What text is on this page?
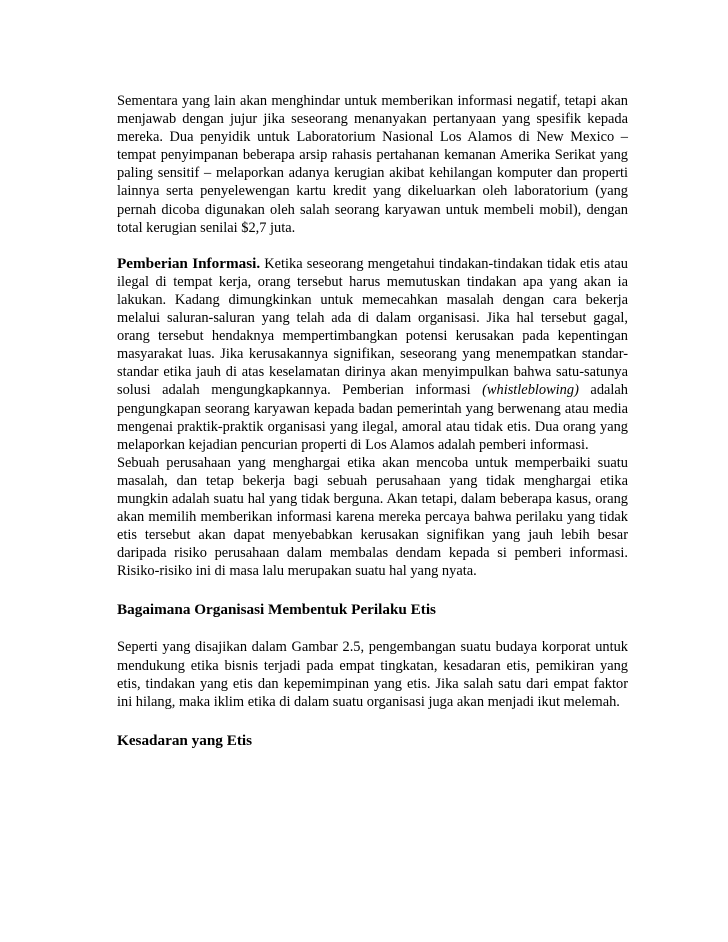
Sementara yang lain akan menghindar untuk memberikan informasi negatif, tetapi akan menjawab dengan jujur jika seseorang menanyakan pertanyaan yang spesifik kepada mereka. Dua penyidik untuk Laboratorium Nasional Los Alamos di New Mexico – tempat penyimpanan beberapa arsip rahasis pertahanan kemanan Amerika Serikat yang paling sensitif – melaporkan adanya kerugian akibat kehilangan komputer dan properti lainnya serta penyelewengan kartu kredit yang dikeluarkan oleh laboratorium (yang pernah dicoba digunakan oleh salah seorang karyawan untuk membeli mobil), dengan total kerugian senilai $2,7 juta.

Pemberian Informasi. Ketika seseorang mengetahui tindakan-tindakan tidak etis atau ilegal di tempat kerja, orang tersebut harus memutuskan tindakan apa yang akan ia lakukan. Kadang dimungkinkan untuk memecahkan masalah dengan cara bekerja melalui saluran-saluran yang telah ada di dalam organisasi. Jika hal tersebut gagal, orang tersebut hendaknya mempertimbangkan potensi kerusakan pada kepentingan masyarakat luas. Jika kerusakannya signifikan, seseorang yang menempatkan standar-standar etika jauh di atas keselamatan dirinya akan menyimpulkan bahwa satu-satunya solusi adalah mengungkapkannya. Pemberian informasi (whistleblowing) adalah pengungkapan seorang karyawan kepada badan pemerintah yang berwenang atau media mengenai praktik-praktik organisasi yang ilegal, amoral atau tidak etis. Dua orang yang melaporkan kejadian pencurian properti di Los Alamos adalah pemberi informasi.

Sebuah perusahaan yang menghargai etika akan mencoba untuk memperbaiki suatu masalah, dan tetap bekerja bagi sebuah perusahaan yang tidak menghargai etika mungkin adalah suatu hal yang tidak berguna. Akan tetapi, dalam beberapa kasus, orang akan memilih memberikan informasi karena mereka percaya bahwa perilaku yang tidak etis tersebut akan dapat menyebabkan kerusakan signifikan yang jauh lebih besar daripada risiko perusahaan dalam membalas dendam kepada si pemberi informasi. Risiko-risiko ini di masa lalu merupakan suatu hal yang nyata.

Bagaimana Organisasi Membentuk Perilaku Etis

Seperti yang disajikan dalam Gambar 2.5, pengembangan suatu budaya korporat untuk mendukung etika bisnis terjadi pada empat tingkatan, kesadaran etis, pemikiran yang etis, tindakan yang etis dan kepemimpinan yang etis. Jika salah satu dari empat faktor ini hilang, maka iklim etika di dalam suatu organisasi juga akan menjadi ikut melemah.

Kesadaran yang Etis
